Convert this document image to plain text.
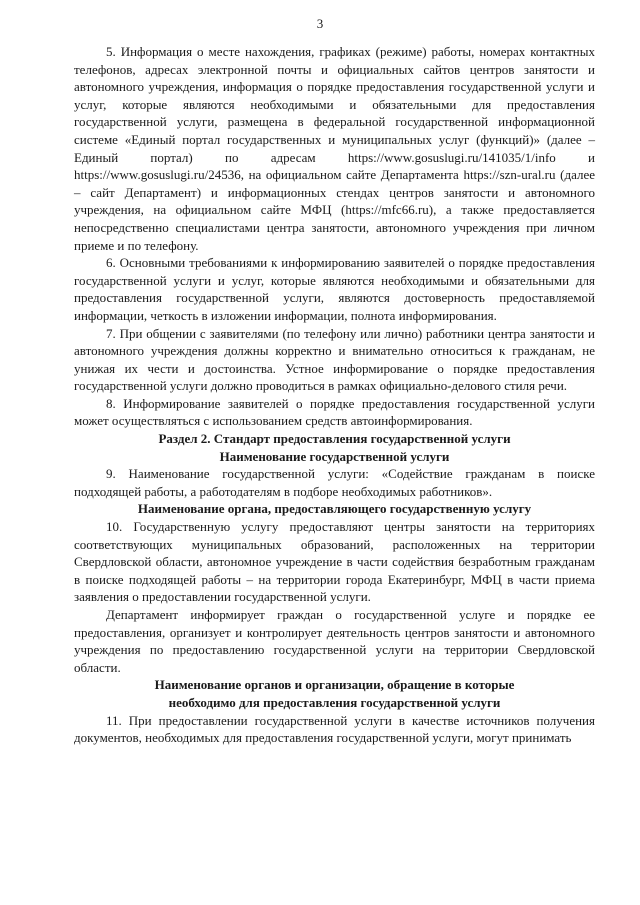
3

5. Информация о месте нахождения, графиках (режиме) работы, номерах контактных телефонов, адресах электронной почты и официальных сайтов центров занятости и автономного учреждения, информация о порядке предоставления государственной услуги и услуг, которые являются необходимыми и обязательными для предоставления государственной услуги, размещена в федеральной государственной информационной системе «Единый портал государственных и муниципальных услуг (функций)» (далее – Единый портал) по адресам https://www.gosuslugi.ru/141035/1/info и https://www.gosuslugi.ru/24536, на официальном сайте Департамента https://szn-ural.ru (далее – сайт Департамент) и информационных стендах центров занятости и автономного учреждения, на официальном сайте МФЦ (https://mfc66.ru), а также предоставляется непосредственно специалистами центра занятости, автономного учреждения при личном приеме и по телефону.

6. Основными требованиями к информированию заявителей о порядке предоставления государственной услуги и услуг, которые являются необходимыми и обязательными для предоставления государственной услуги, являются достоверность предоставляемой информации, четкость в изложении информации, полнота информирования.

7. При общении с заявителями (по телефону или лично) работники центра занятости и автономного учреждения должны корректно и внимательно относиться к гражданам, не унижая их чести и достоинства. Устное информирование о порядке предоставления государственной услуги должно проводиться в рамках официально-делового стиля речи.

8. Информирование заявителей о порядке предоставления государственной услуги может осуществляться с использованием средств автоинформирования.

Раздел 2. Стандарт предоставления государственной услуги
Наименование государственной услуги

9. Наименование государственной услуги: «Содействие гражданам в поиске подходящей работы, а работодателям в подборе необходимых работников».

Наименование органа, предоставляющего государственную услугу

10. Государственную услугу предоставляют центры занятости на территориях соответствующих муниципальных образований, расположенных на территории Свердловской области, автономное учреждение в части содействия безработным гражданам в поиске подходящей работы – на территории города Екатеринбург, МФЦ в части приема заявления о предоставлении государственной услуги.

Департамент информирует граждан о государственной услуге и порядке ее предоставления, организует и контролирует деятельность центров занятости и автономного учреждения по предоставлению государственной услуги на территории Свердловской области.

Наименование органов и организации, обращение в которые
необходимо для предоставления государственной услуги

11. При предоставлении государственной услуги в качестве источников получения документов, необходимых для предоставления государственной услуги, могут принимать
